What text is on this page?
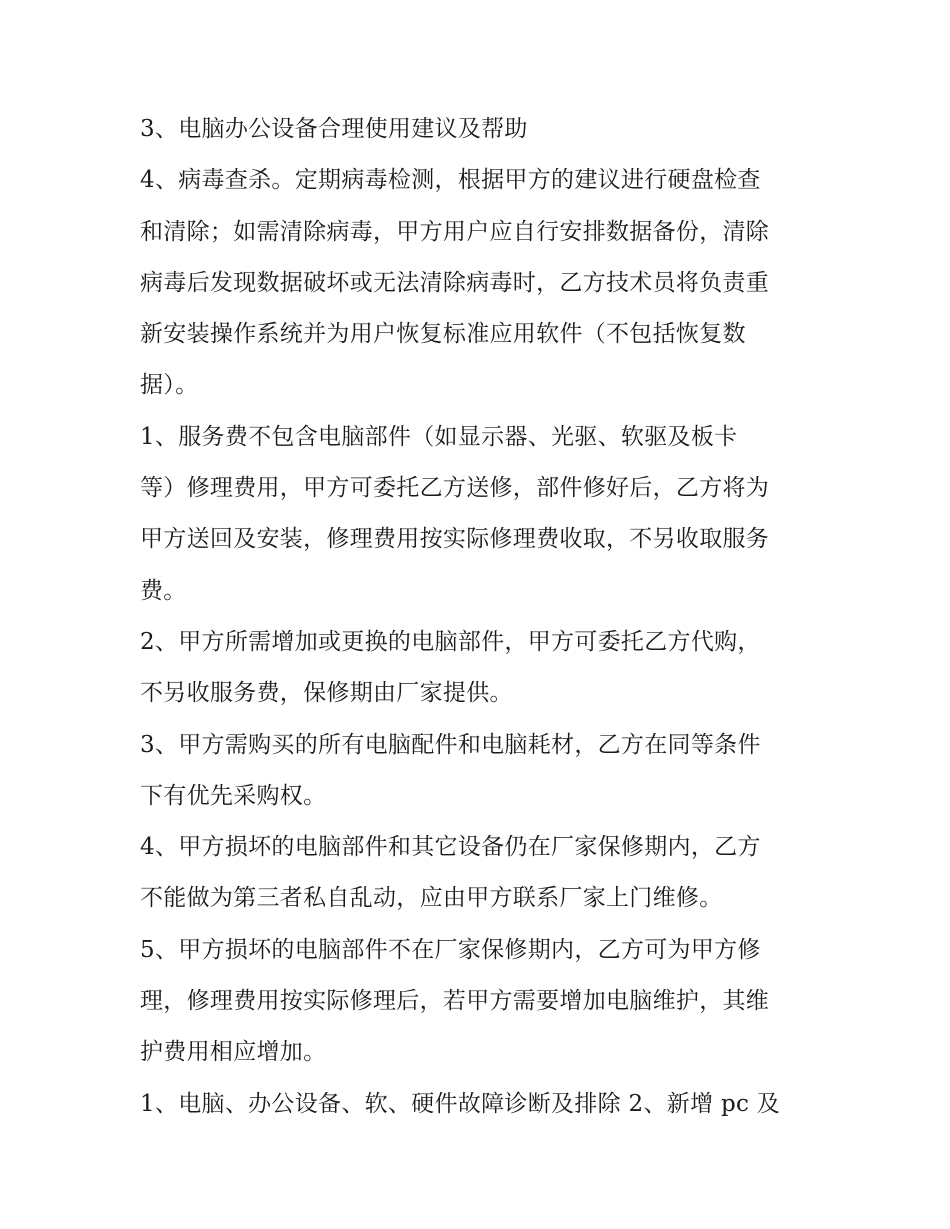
3、电脑办公设备合理使用建议及帮助
4、病毒查杀。定期病毒检测，根据甲方的建议进行硬盘检查
和清除；如需清除病毒，甲方用户应自行安排数据备份，清除
病毒后发现数据破坏或无法清除病毒时，乙方技术员将负责重
新安装操作系统并为用户恢复标准应用软件（不包括恢复数
据）。
1、服务费不包含电脑部件（如显示器、光驱、软驱及板卡
等）修理费用，甲方可委托乙方送修，部件修好后，乙方将为
甲方送回及安装，修理费用按实际修理费收取，不另收取服务
费。
2、甲方所需增加或更换的电脑部件，甲方可委托乙方代购，
不另收服务费，保修期由厂家提供。
3、甲方需购买的所有电脑配件和电脑耗材，乙方在同等条件
下有优先采购权。
4、甲方损坏的电脑部件和其它设备仍在厂家保修期内，乙方
不能做为第三者私自乱动，应由甲方联系厂家上门维修。
5、甲方损坏的电脑部件不在厂家保修期内，乙方可为甲方修
理，修理费用按实际修理后，若甲方需要增加电脑维护，其维
护费用相应增加。
1、电脑、办公设备、软、硬件故障诊断及排除 2、新增 pc 及
